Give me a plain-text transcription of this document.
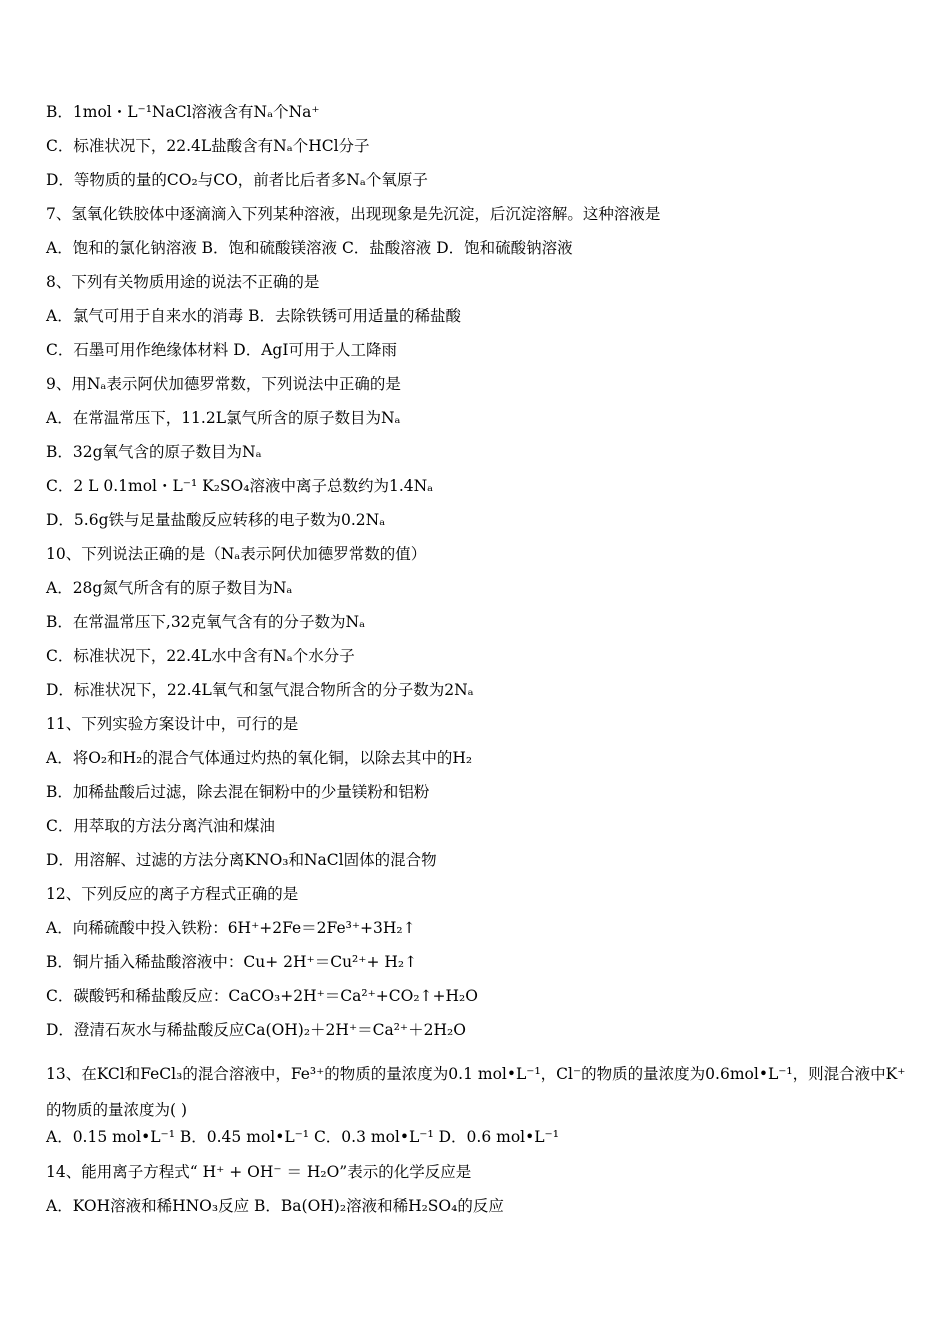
B．1mol・L⁻¹NaCl溶液含有Nₐ个Na⁺
C．标准状况下，22.4L盐酸含有Nₐ个HCl分子
D．等物质的量的CO₂与CO，前者比后者多Nₐ个氧原子
7、氢氧化铁胶体中逐滴滴入下列某种溶液，出现现象是先沉淀，后沉淀溶解。这种溶液是
A．饱和的氯化钠溶液 B．饱和硫酸镁溶液 C．盐酸溶液 D．饱和硫酸钠溶液
8、下列有关物质用途的说法不正确的是
A．氯气可用于自来水的消毒 B．去除铁锈可用适量的稀盐酸
C．石墨可用作绝缘体材料 D．AgI可用于人工降雨
9、用Nₐ表示阿伏加德罗常数，下列说法中正确的是
A．在常温常压下，11.2L氯气所含的原子数目为Nₐ
B．32g氧气含的原子数目为Nₐ
C．2 L 0.1mol・L⁻¹ K₂SO₄溶液中离子总数约为1.4Nₐ
D．5.6g铁与足量盐酸反应转移的电子数为0.2Nₐ
10、下列说法正确的是（Nₐ表示阿伏加德罗常数的值）
A．28g氮气所含有的原子数目为Nₐ
B．在常温常压下,32克氧气含有的分子数为Nₐ
C．标准状况下，22.4L水中含有Nₐ个水分子
D．标准状况下，22.4L氧气和氢气混合物所含的分子数为2Nₐ
11、下列实验方案设计中，可行的是
A．将O₂和H₂的混合气体通过灼热的氧化铜，以除去其中的H₂
B．加稀盐酸后过滤，除去混在铜粉中的少量镁粉和铝粉
C．用萃取的方法分离汽油和煤油
D．用溶解、过滤的方法分离KNO₃和NaCl固体的混合物
12、下列反应的离子方程式正确的是
A．向稀硫酸中投入铁粉：6H⁺+2Fe＝2Fe³⁺+3H₂↑
B．铜片插入稀盐酸溶液中：Cu+ 2H⁺＝Cu²⁺+ H₂↑
C．碳酸钙和稀盐酸反应：CaCO₃+2H⁺＝Ca²⁺+CO₂↑+H₂O
D．澄清石灰水与稀盐酸反应Ca(OH)₂＋2H⁺＝Ca²⁺＋2H₂O
13、在KCl和FeCl₃的混合溶液中，Fe³⁺的物质的量浓度为0.1 mol•L⁻¹，Cl⁻的物质的量浓度为0.6mol•L⁻¹，则混合液中K⁺的物质的量浓度为( )
A．0.15 mol•L⁻¹ B．0.45 mol•L⁻¹ C．0.3 mol•L⁻¹ D．0.6 mol•L⁻¹
14、能用离子方程式“ H⁺ + OH⁻ ＝ H₂O”表示的化学反应是
A．KOH溶液和稀HNO₃反应 B．Ba(OH)₂溶液和稀H₂SO₄的反应
